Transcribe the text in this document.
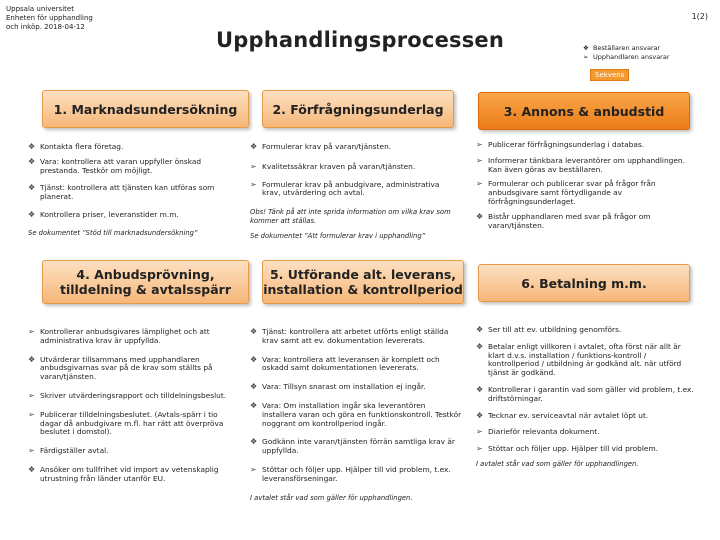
Uppsala universitet
Enheten för upphandling
och inköp. 2018-04-12
Upphandlingsprocessen
1(2)
❖ Beställaren ansvarar
➢ Upphandlaren ansvarar
Sekvens
1. Marknadsundersökning	2. Förfrågningsunderlag	3. Annons & anbudstid
❖ Kontakta flera företag.
❖ Vara: kontrollera att varan uppfyller önskad prestanda. Testkör om möjligt.
❖ Tjänst: kontrollera att tjänsten kan utföras som planerat.
❖ Kontrollera priser, leveranstider m.m.
Se dokumentet ”Stöd till marknadsundersökning”
❖ Formulerar krav på varan/tjänsten.
➢ Kvalitetssäkrar kraven på varan/tjänsten.
➢ Formulerar krav på anbudgivare, administrativa krav, utvärdering och avtal.
Obs! Tänk på att inte sprida information om vilka krav som kommer att ställas.
Se dokumentet ”Att formulerar krav i upphandling”
➢ Publicerar förfrågningsunderlag i databas.
➢ Informerar tänkbara leverantörer om upphandlingen. Kan även göras av beställaren.
➢ Formulerar och publicerar svar på frågor från anbudsgivare samt förtydligande av förfrågningsunderlaget.
❖ Bistår upphandlaren med svar på frågor om varan/tjänsten.
4. Anbudsprövning,
tilldelning & avtalsspärr
5. Utförande alt. leverans,
installation & kontrollperiod	6. Betalning m.m.
➢ Kontrollerar anbudsgivares lämplighet och att administrativa krav är uppfyllda.
❖ Utvärderar tillsammans med upphandlaren anbudsgivarnas svar på de krav som ställts på varan/tjänsten.
➢ Skriver utvärderingsrapport och tilldelningsbeslut.
➢ Publicerar tilldelningsbeslutet. (Avtals-spärr i tio dagar då anbudgivare m.fl. har rätt att överpröva beslutet i domstol).
➢ Färdigställer avtal.
❖ Ansöker om tullfrihet vid import av vetenskaplig utrustning från länder utanför EU.
❖ Tjänst: kontrollera att arbetet utförts enligt ställda krav samt att ev. dokumentation levererats.
❖ Vara: kontrollera att leveransen är komplett och oskadd samt dokumentationen levererats.
❖ Vara: Tillsyn snarast om installation ej ingår.
❖ Vara: Om installation ingår ska leverantören installera varan och göra en funktionskontroll. Testkör noggrant om kontrollperiod ingår.
❖ Godkänn inte varan/tjänsten förrän samtliga krav är uppfyllda.
➢ Stöttar och följer upp. Hjälper till vid problem, t.ex. leveransförseningar.
I avtalet står vad som gäller för upphandlingen.
❖ Ser till att ev. utbildning genomförs.
❖ Betalar enligt villkoren i avtalet, ofta först när allt är klart d.v.s. installation / funktions-kontroll / kontrollperiod / utbildning är godkänd alt. när utförd tjänst är godkänd.
❖ Kontrollerar i garantin vad som gäller vid problem, t.ex. driftstörningar.
❖ Tecknar ev. serviceavtal när avtalet löpt ut.
➢ Diarieför relevanta dokument.
➢ Stöttar och följer upp. Hjälper till vid problem.
I avtalet står vad som gäller för upphandlingen.
